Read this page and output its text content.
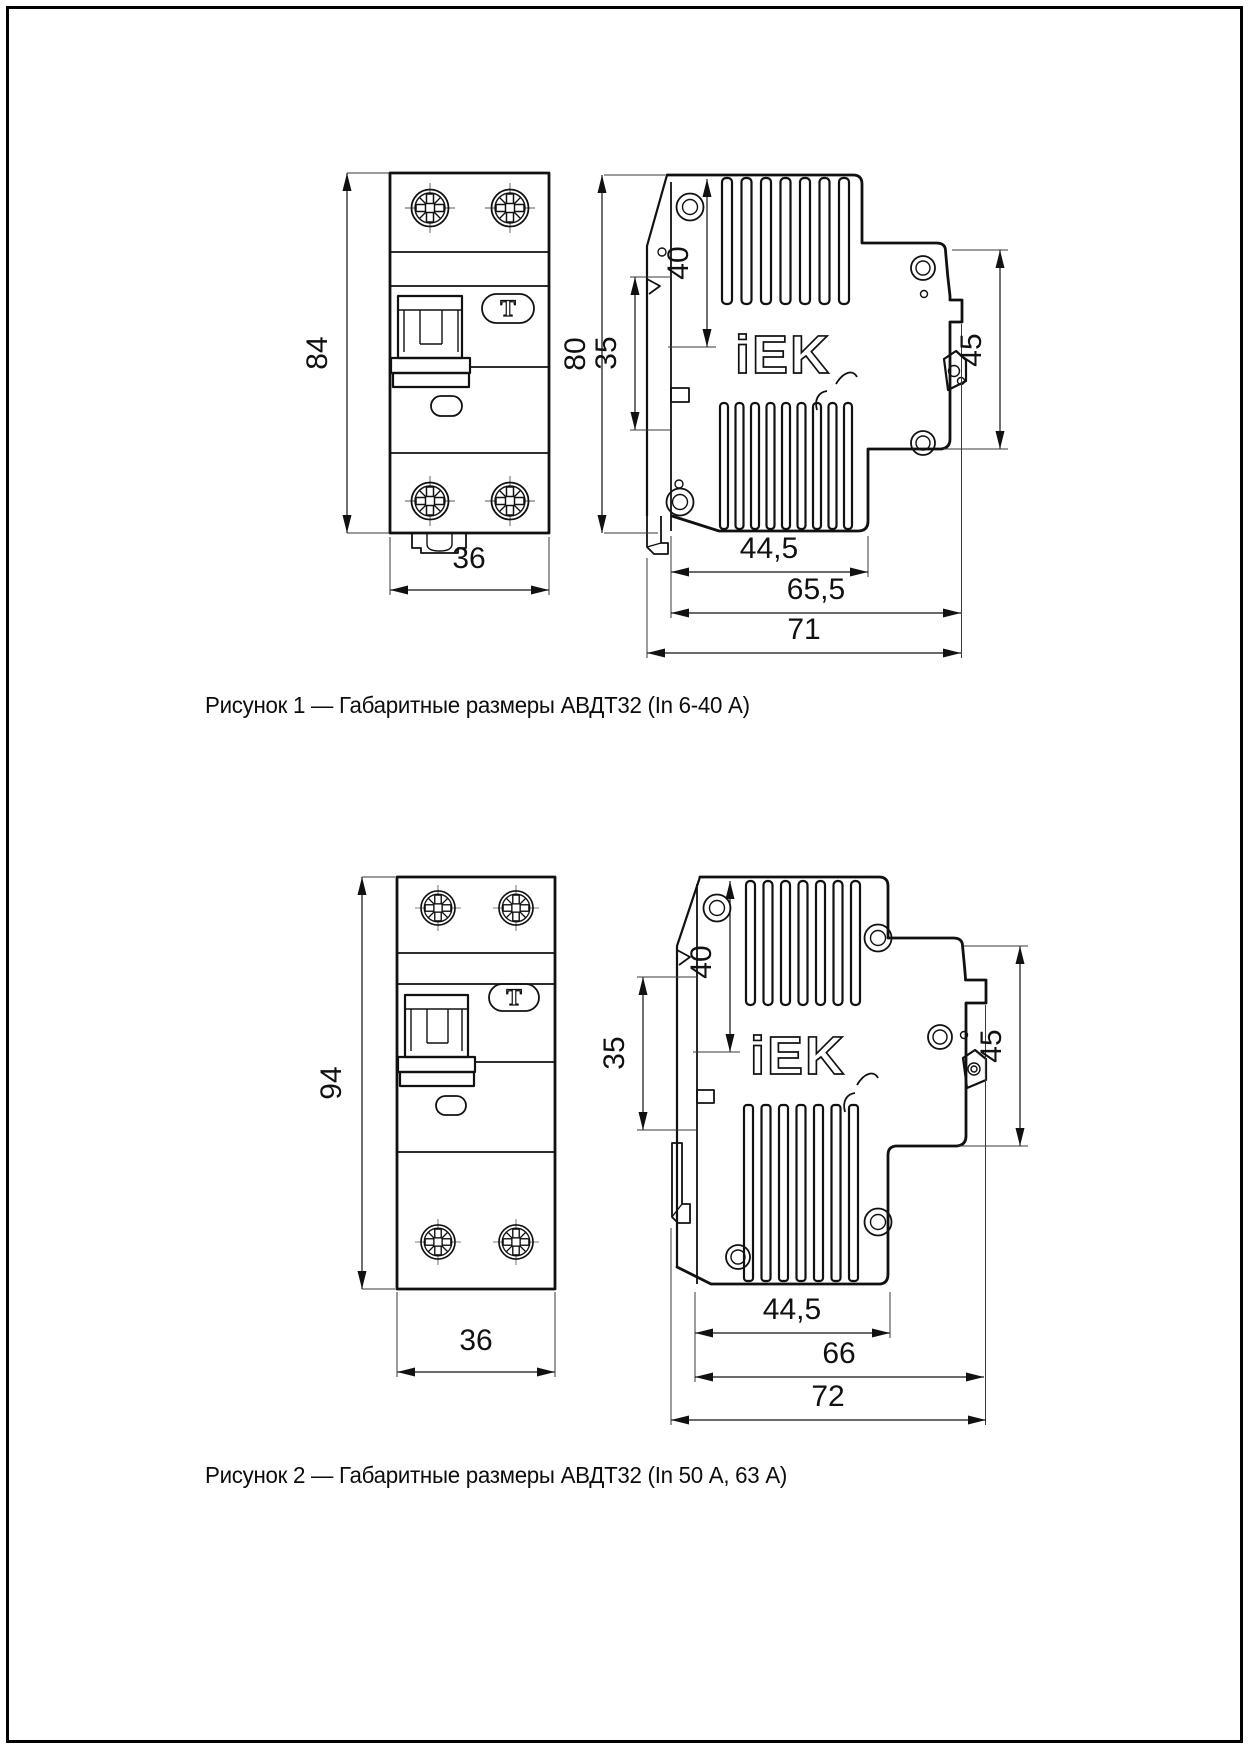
T
84
36
iEK
80
40
35	45
44,5
65,5
71
T
94
36
iEK
40
35	45
44,5
66
72
Рисунок 1 — Габаритные размеры АВДТ32 (In 6-40 А)
Рисунок 2 — Габаритные размеры АВДТ32 (In 50 А, 63 А)
